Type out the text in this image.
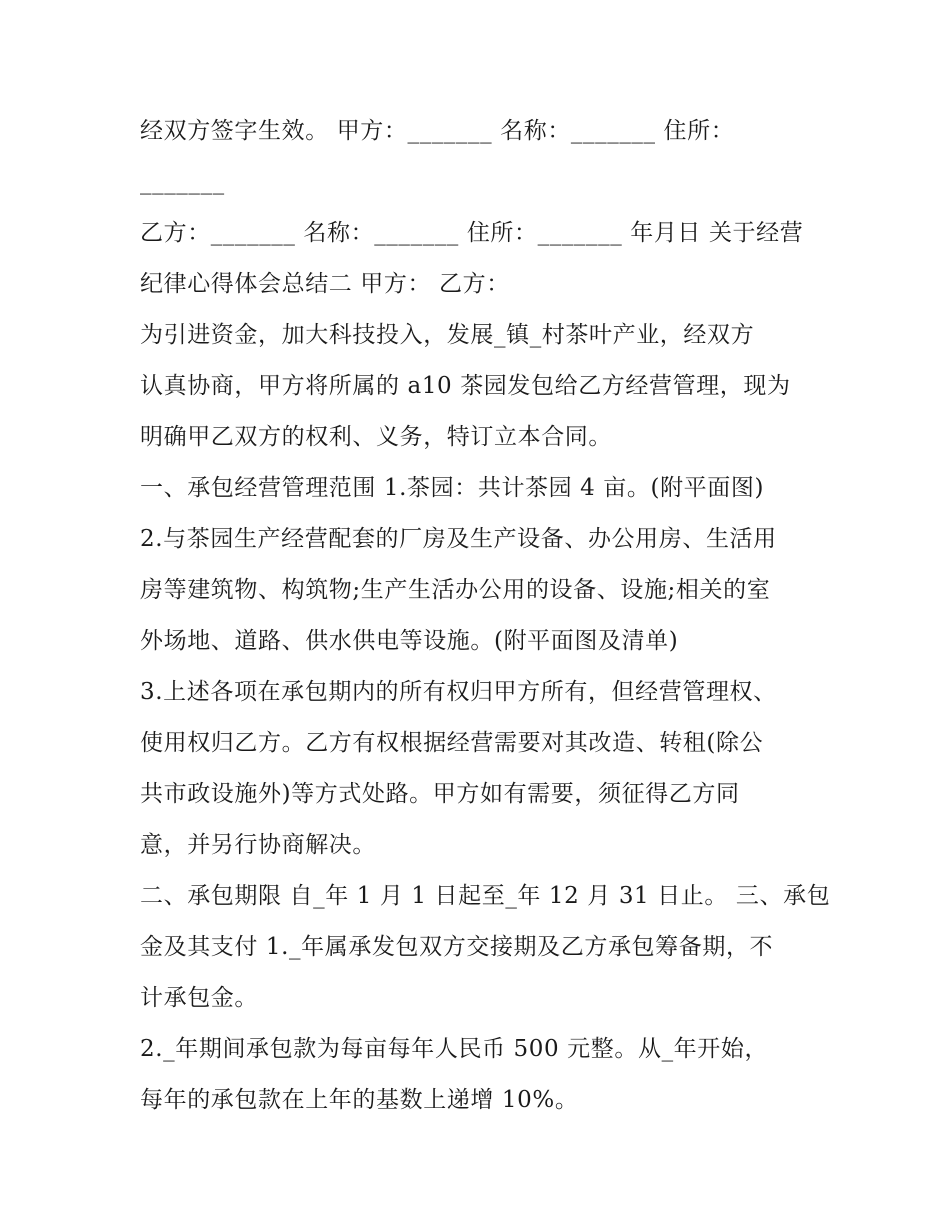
经双方签字生效。 甲方：_______ 名称：_______ 住所：
_______
乙方：_______ 名称：_______ 住所：_______ 年月日 关于经营
纪律心得体会总结二 甲方： 乙方：
为引进资金，加大科技投入，发展_镇_村茶叶产业，经双方
认真协商，甲方将所属的 a10 茶园发包给乙方经营管理，现为
明确甲乙双方的权利、义务，特订立本合同。
一、承包经营管理范围 1.茶园：共计茶园 4 亩。(附平面图)
2.与茶园生产经营配套的厂房及生产设备、办公用房、生活用
房等建筑物、构筑物;生产生活办公用的设备、设施;相关的室
外场地、道路、供水供电等设施。(附平面图及清单)
3.上述各项在承包期内的所有权归甲方所有，但经营管理权、
使用权归乙方。乙方有权根据经营需要对其改造、转租(除公
共市政设施外)等方式处路。甲方如有需要，须征得乙方同
意，并另行协商解决。
二、承包期限 自_年 1 月 1 日起至_年 12 月 31 日止。 三、承包
金及其支付 1._年属承发包双方交接期及乙方承包筹备期，不
计承包金。
2._年期间承包款为每亩每年人民币 500 元整。从_年开始，
每年的承包款在上年的基数上递增 10%。
